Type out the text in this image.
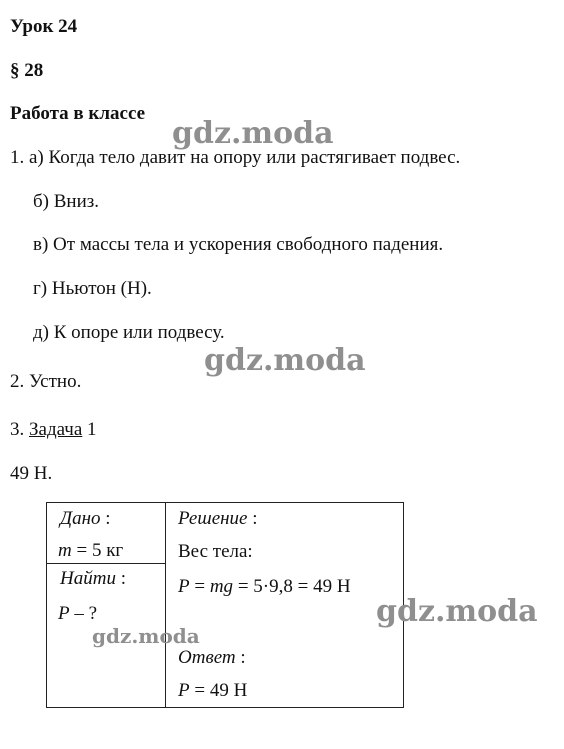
Урок 24
§ 28
Работа в классе
1. а) Когда тело давит на опору или растягивает подвес.
б) Вниз.
в) От массы тела и ускорения свободного падения.
г) Ньютон (Н).
д) К опоре или подвесу.
2. Устно.
3. Задача 1
49 Н.
Дано :
m = 5 кг
Найти :
P – ?
Решение :
Вес тела:
P = mg = 5·9,8 = 49 Н
Ответ :
P = 49 Н
gdz.moda
gdz.moda
gdz.moda
gdz.moda
